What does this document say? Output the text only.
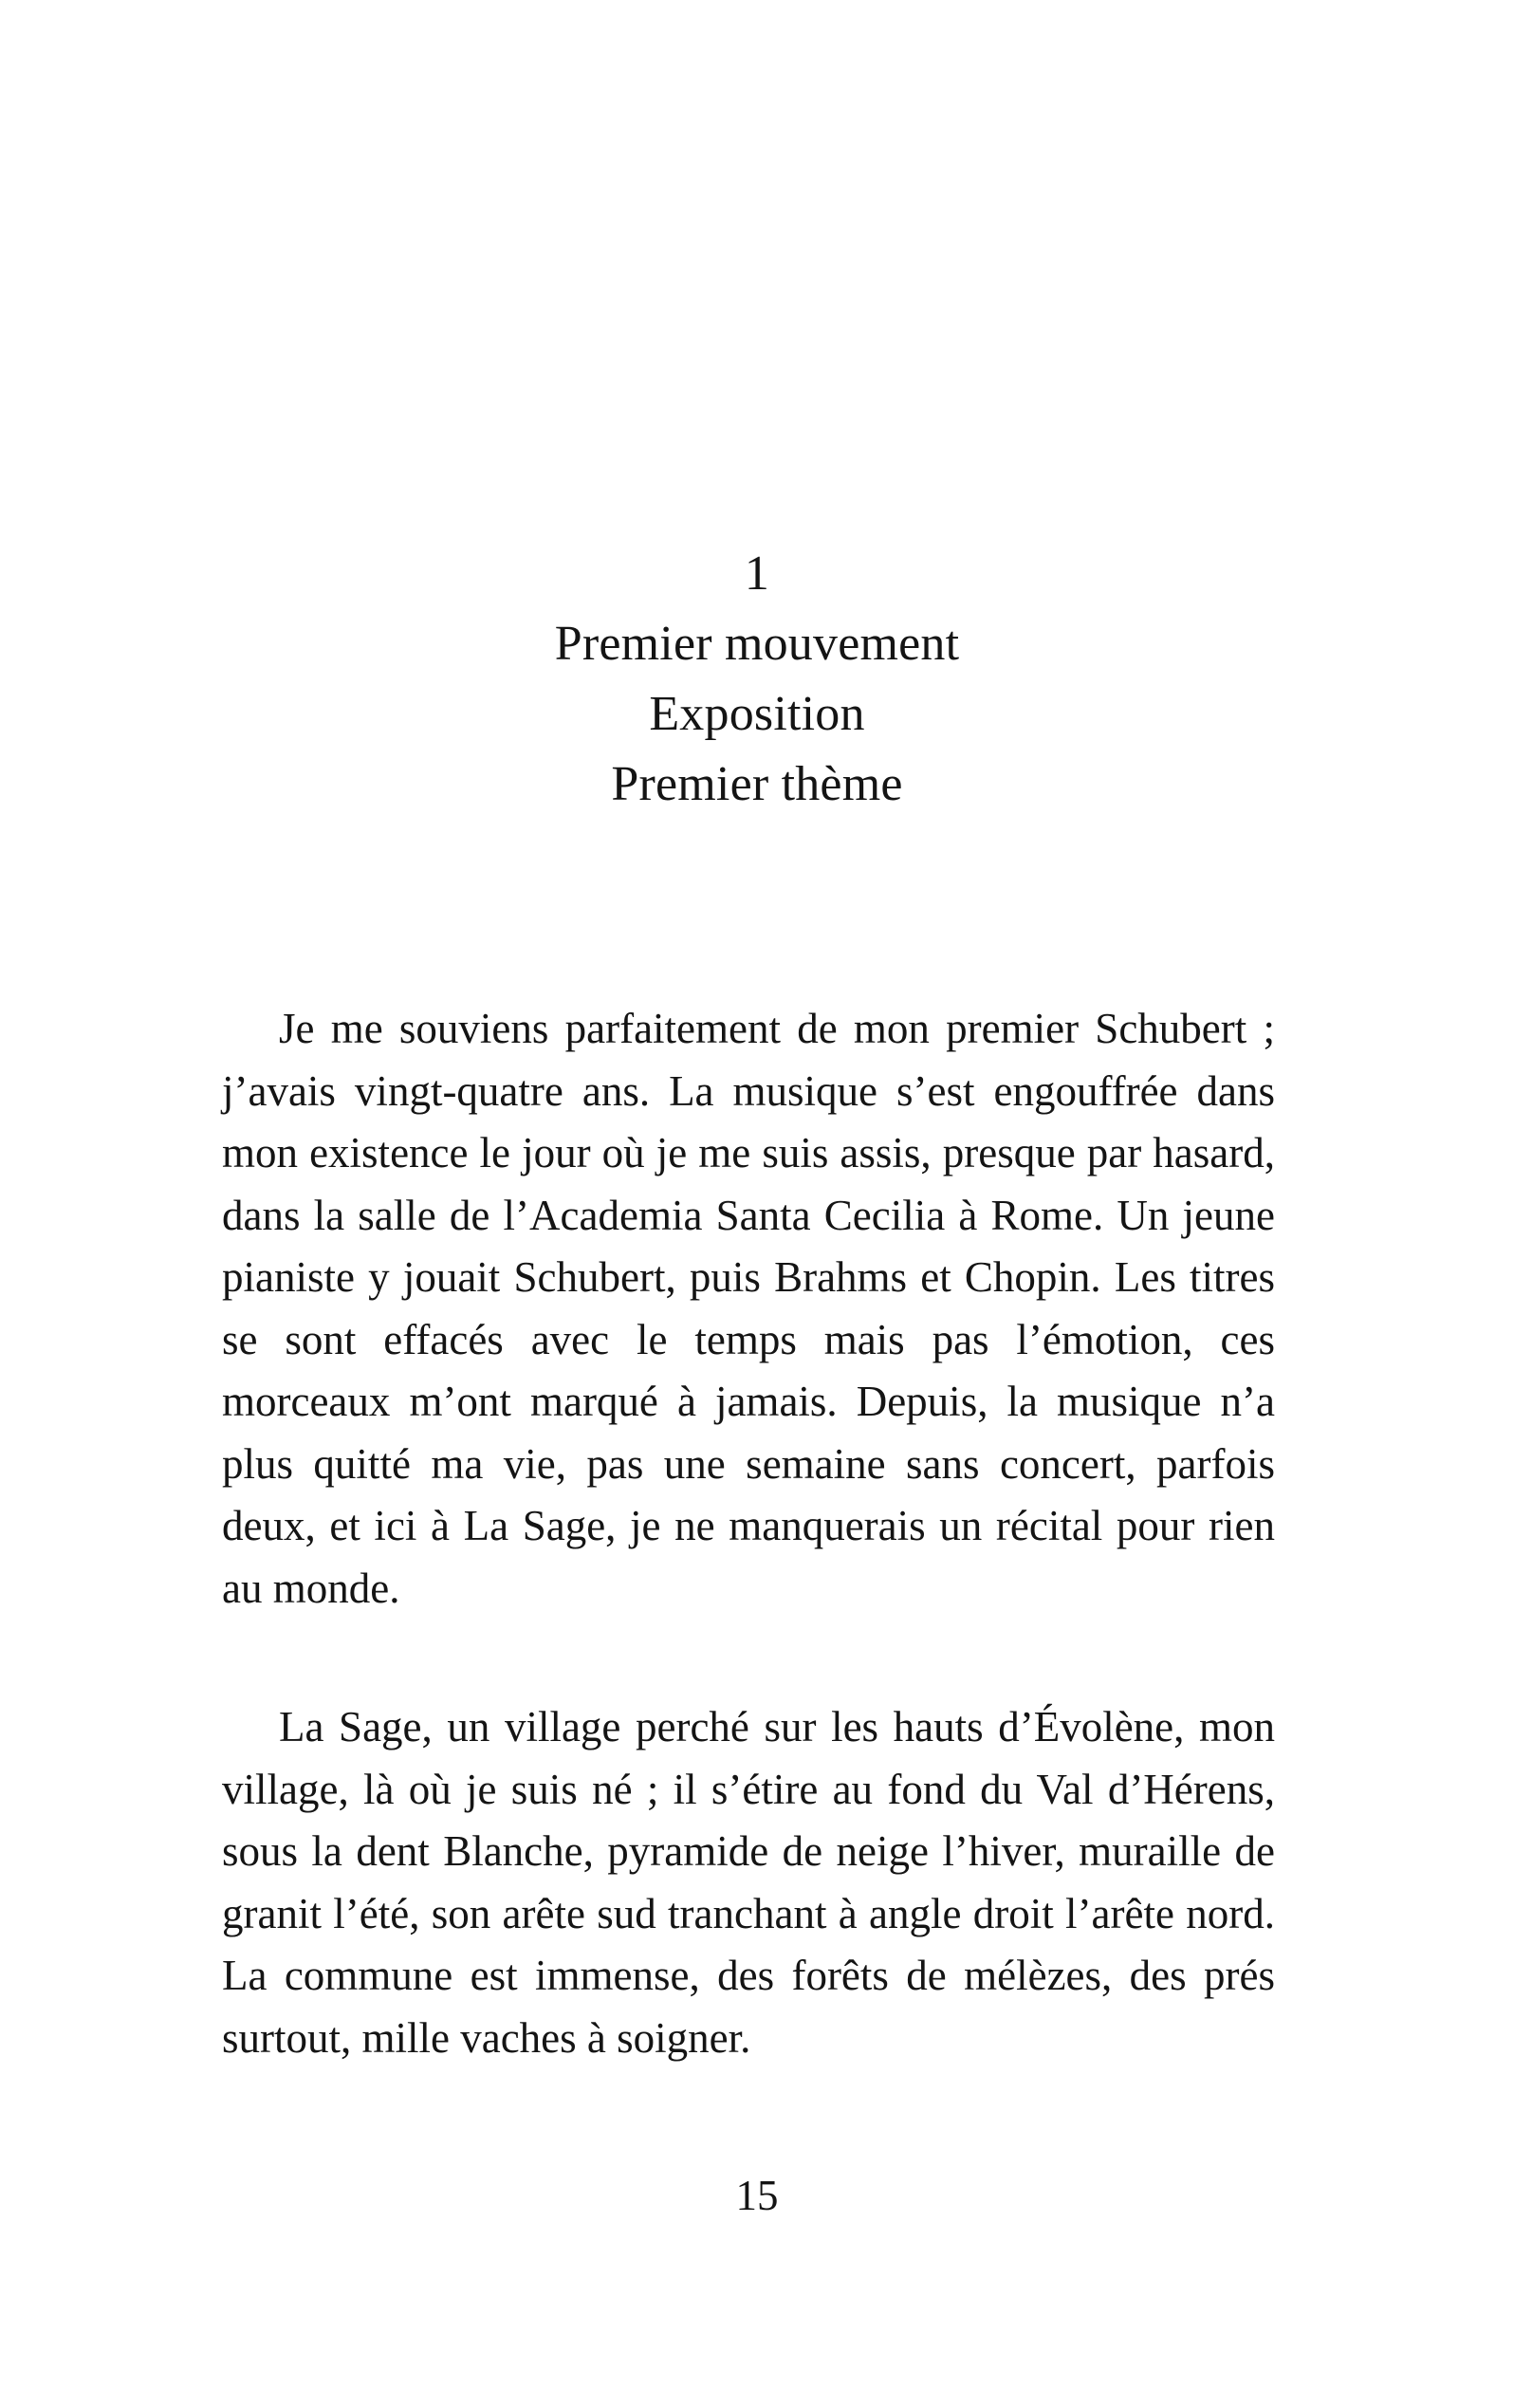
1
Premier mouvement
Exposition
Premier thème

Je me souviens parfaitement de mon premier Schubert ; j’avais vingt-quatre ans. La musique s’est engouffrée dans mon existence le jour où je me suis assis, presque par hasard, dans la salle de l’Academia Santa Cecilia à Rome. Un jeune pianiste y jouait Schubert, puis Brahms et Chopin. Les titres se sont effacés avec le temps mais pas l’émotion, ces morceaux m’ont marqué à jamais. Depuis, la musique n’a plus quitté ma vie, pas une semaine sans concert, parfois deux, et ici à La Sage, je ne manquerais un récital pour rien au monde.

La Sage, un village perché sur les hauts d’Évolène, mon village, là où je suis né ; il s’étire au fond du Val d’Hérens, sous la dent Blanche, pyramide de neige l’hiver, muraille de granit l’été, son arête sud tranchant à angle droit l’arête nord. La commune est immense, des forêts de mélèzes, des prés surtout, mille vaches à soigner.

15
